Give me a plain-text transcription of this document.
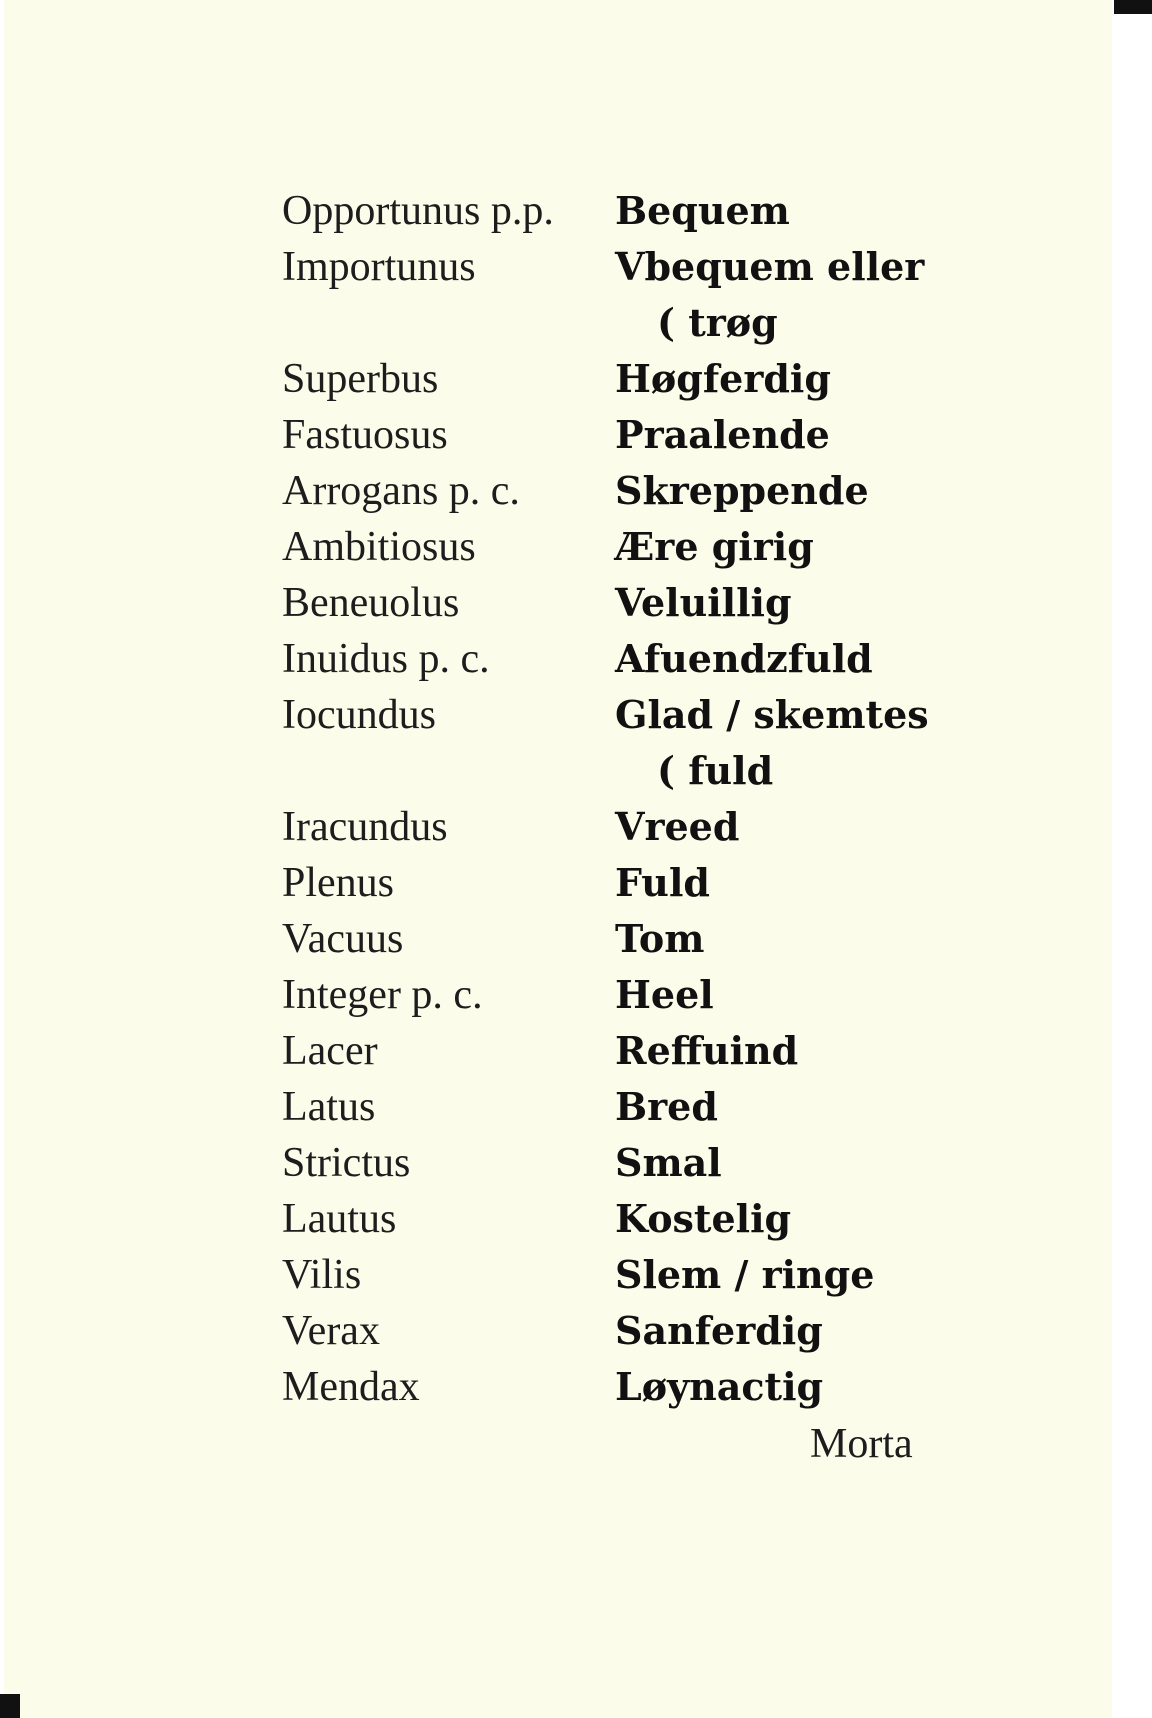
Opportunus p.p. Bequem
Importunus	Vbequem eller
( trøg
Superbus	Høgferdig
Fastuosus	Praalende
Arrogans p. c.	Skreppende
Ambitiosus	Ære girig
Beneuolus	Veluillig
Inuidus p. c.	Afuendzfuld
Iocundus	Glad / skemtes
( fuld
Iracundus	Vreed
Plenus	Fuld
Vacuus	Tom
Integer p. c.	Heel
Lacer	Reffuind
Latus	Bred
Strictus	Smal
Lautus	Kostelig
Vilis	Slem / ringe
Verax	Sanferdig
Mendax	Løynactig
Morta
